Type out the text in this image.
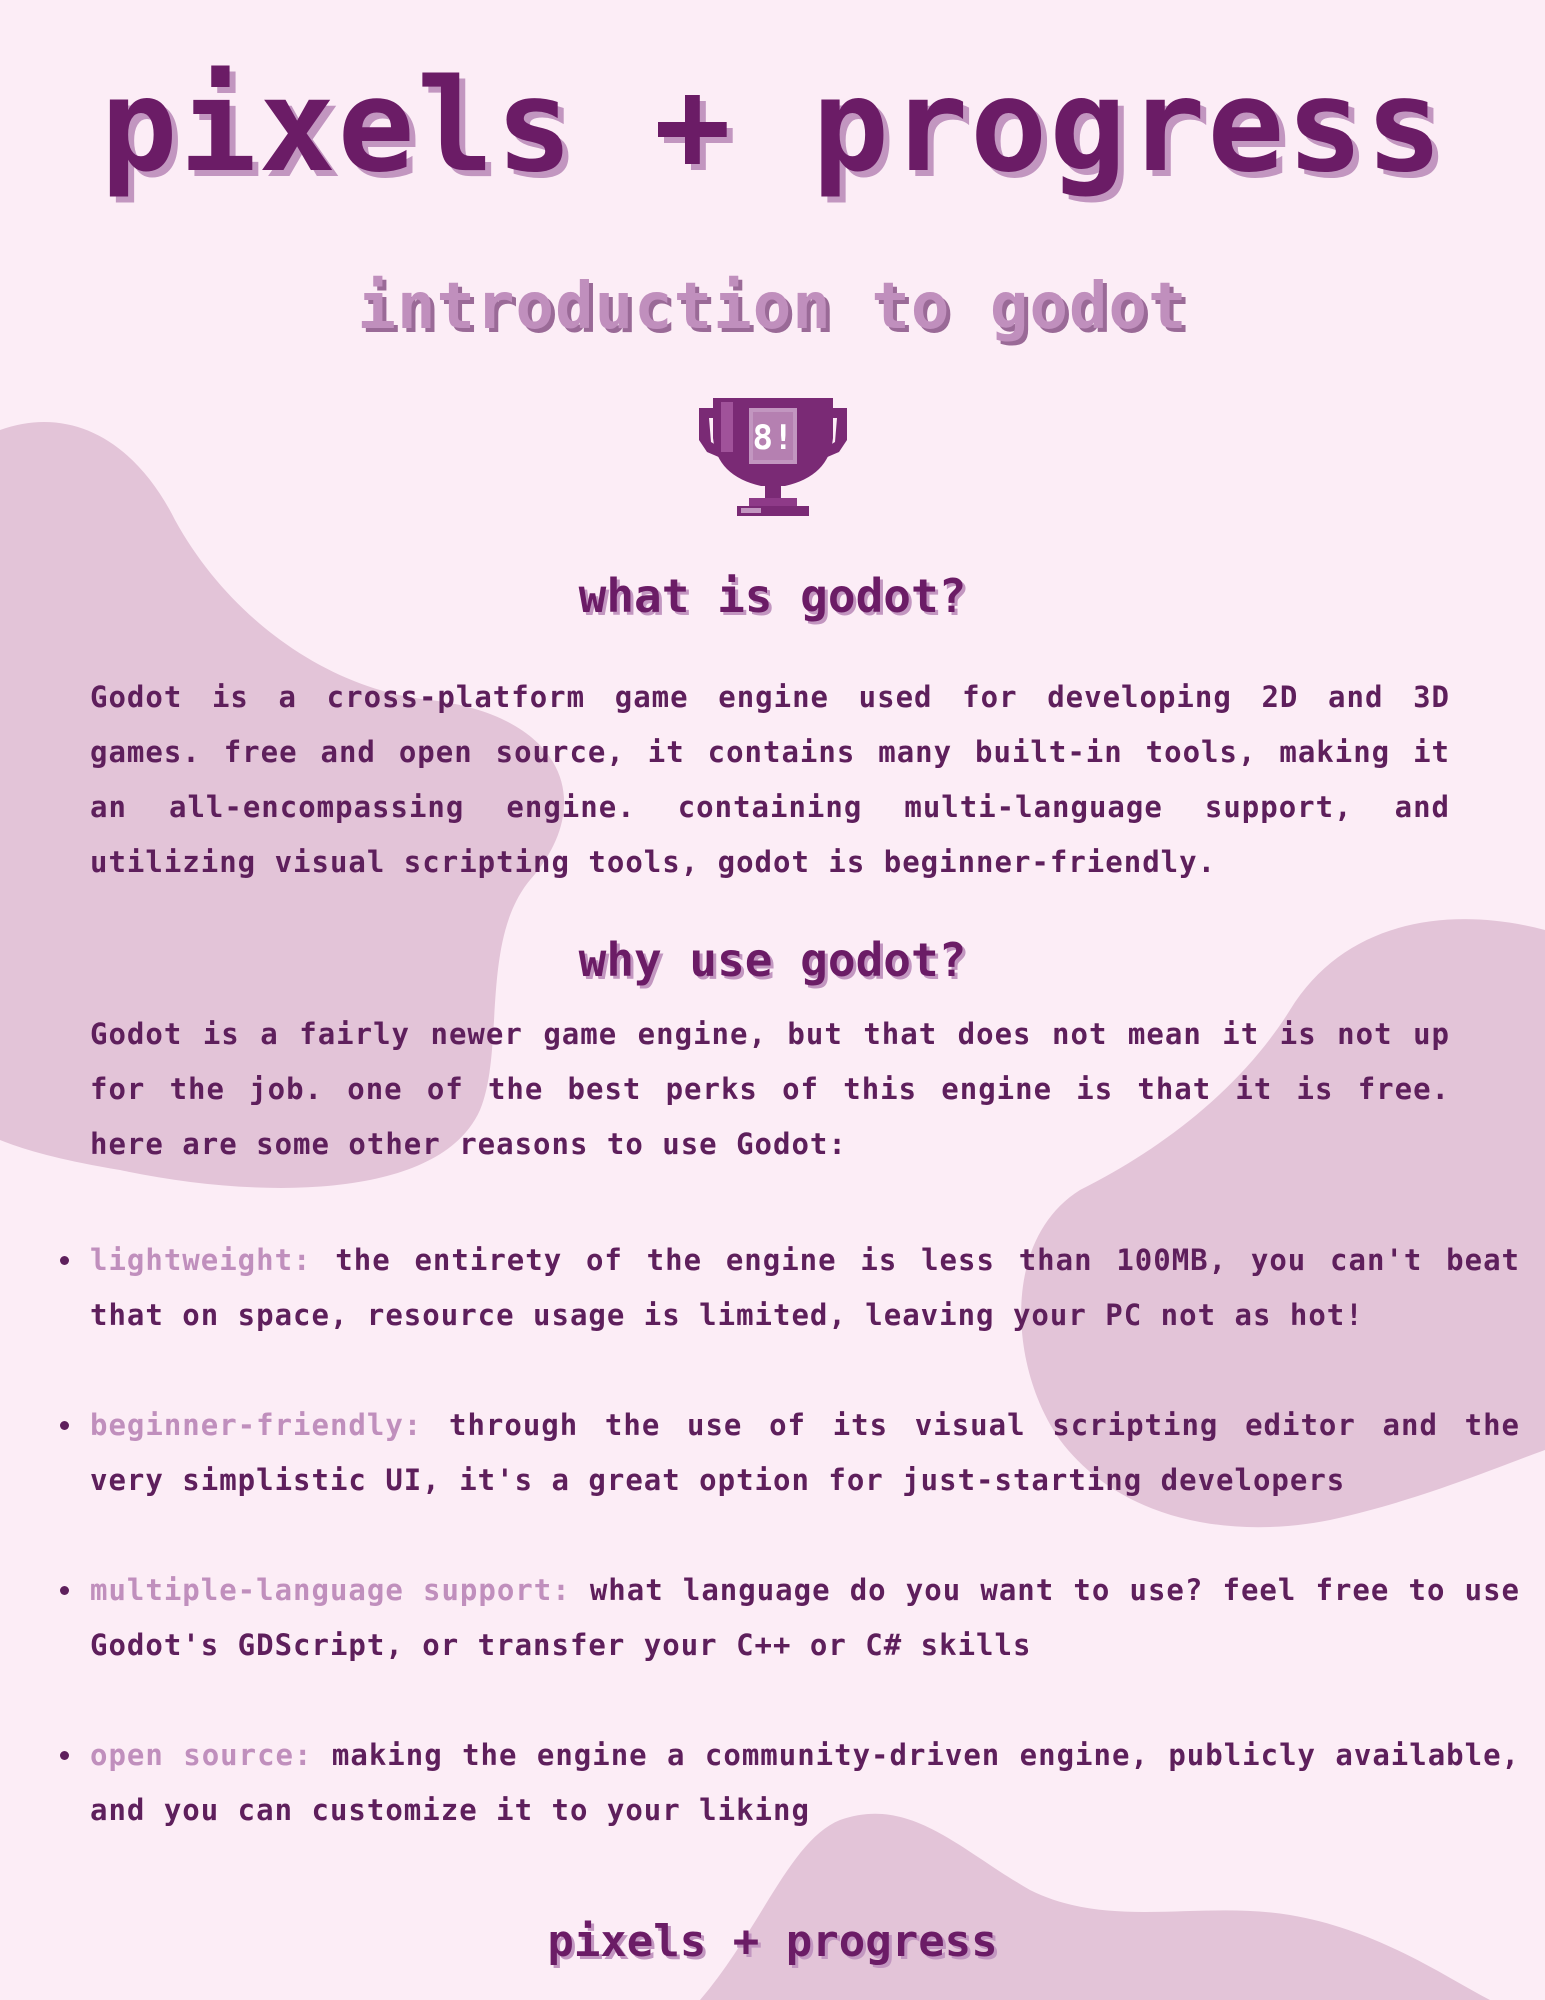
pixels + progress
introduction to godot
8!
what is godot?

Godot is a cross-platform game engine used for developing 2D and 3D games. free and open source, it contains many built-in tools, making it an all-encompassing engine. containing multi-language support, and utilizing visual scripting tools, godot is beginner-friendly.

why use godot?

Godot is a fairly newer game engine, but that does not mean it is not up for the job. one of the best perks of this engine is that it is free. here are some other reasons to use Godot:

lightweight: the entirety of the engine is less than 100MB, you can't beat that on space, resource usage is limited, leaving your PC not as hot!
beginner-friendly: through the use of its visual scripting editor and the very simplistic UI, it's a great option for just-starting developers
multiple-language support: what language do you want to use? feel free to use Godot's GDScript, or transfer your C++ or C# skills
open source: making the engine a community-driven engine, publicly available, and you can customize it to your liking
pixels + progress
